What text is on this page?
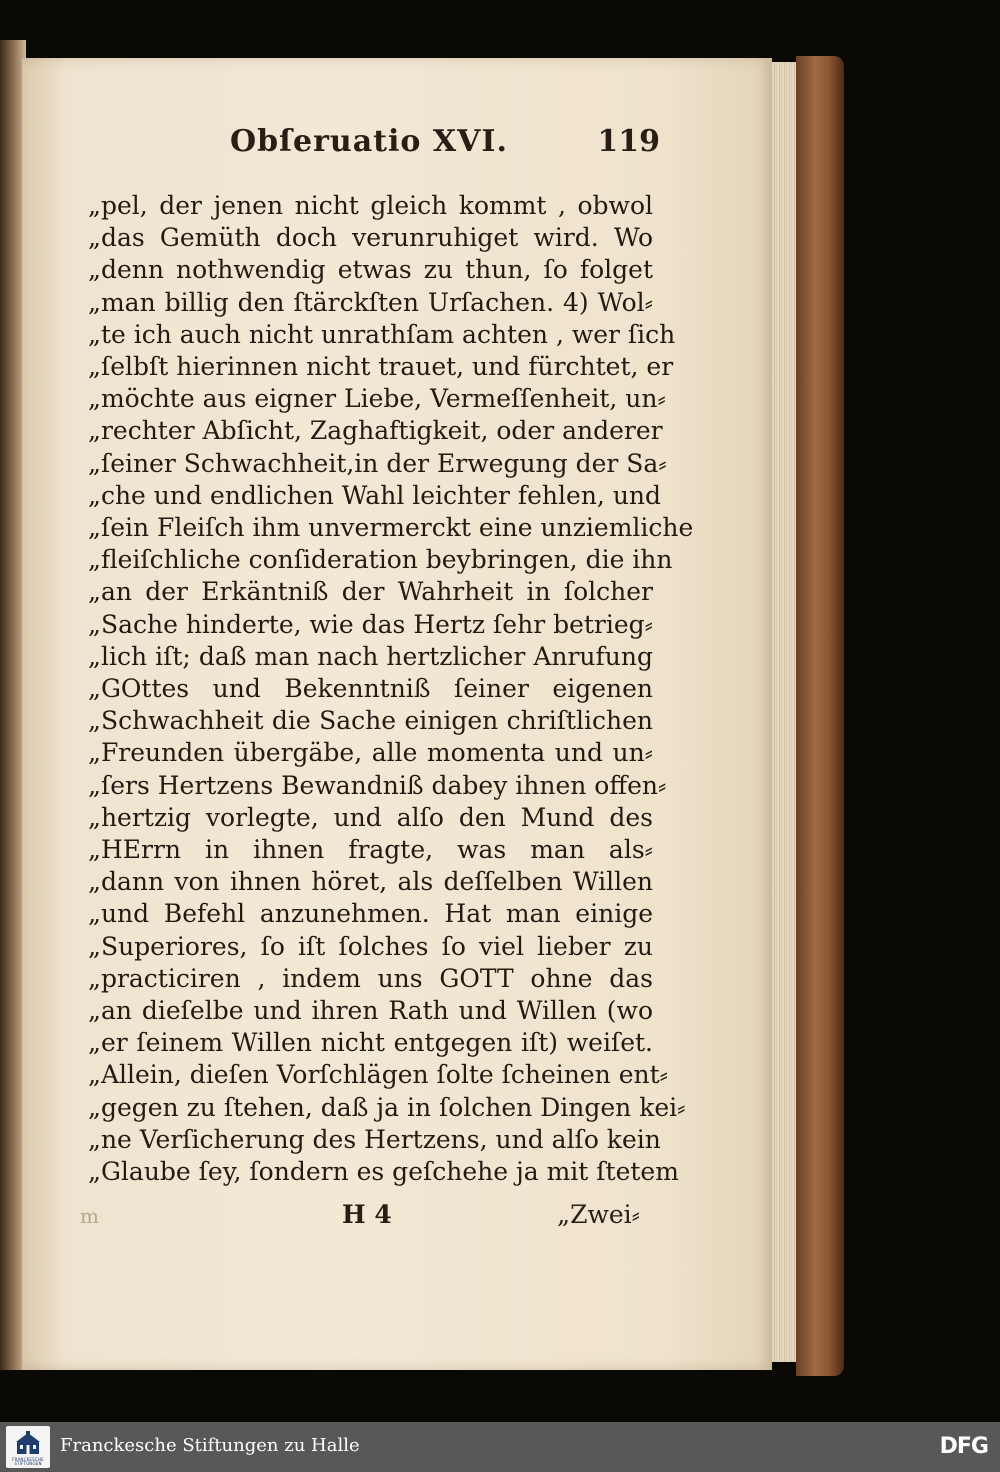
Obſeruatio XVI.	119
„pel, der jenen nicht gleich kommt , obwol
„das Gemüth doch verunruhiget wird. Wo
„denn nothwendig etwas zu thun, ſo folget
„man billig den ſtärckſten Urſachen. 4) Wol⸗
„te ich auch nicht unrathſam achten , wer ſich
„ſelbſt hierinnen nicht trauet, und fürchtet, er
„möchte aus eigner Liebe, Vermeſſenheit, un⸗
„rechter Abſicht, Zaghaftigkeit, oder anderer
„ſeiner Schwachheit,in der Erwegung der Sa⸗
„che und endlichen Wahl leichter fehlen, und
„ſein Fleiſch ihm unvermerckt eine unziemliche
„fleiſchliche conſideration beybringen, die ihn
„an der Erkäntniß der Wahrheit in ſolcher
„Sache hinderte, wie das Hertz ſehr betrieg⸗
„lich iſt; daß man nach hertzlicher Anrufung
„GOttes und Bekenntniß ſeiner eigenen
„Schwachheit die Sache einigen chriſtlichen
„Freunden übergäbe, alle momenta und un⸗
„ſers Hertzens Bewandniß dabey ihnen offen⸗
„hertzig vorlegte, und alſo den Mund des
„HErrn in ihnen fragte, was man als⸗
„dann von ihnen höret, als deſſelben Willen
„und Befehl anzunehmen. Hat man einige
„Superiores, ſo iſt ſolches ſo viel lieber zu
„practiciren , indem uns GOTT ohne das
„an dieſelbe und ihren Rath und Willen (wo
„er ſeinem Willen nicht entgegen iſt) weiſet.
„Allein, dieſen Vorſchlägen ſolte ſcheinen ent⸗
„gegen zu ſtehen, daß ja in ſolchen Dingen kei⸗
„ne Verſicherung des Hertzens, und alſo kein
„Glaube ſey, ſondern es geſchehe ja mit ſtetem
m	H 4	„Zwei⸗
FRANCKESCHE STIFTUNGEN
Franckesche Stiftungen zu Halle	DFG
